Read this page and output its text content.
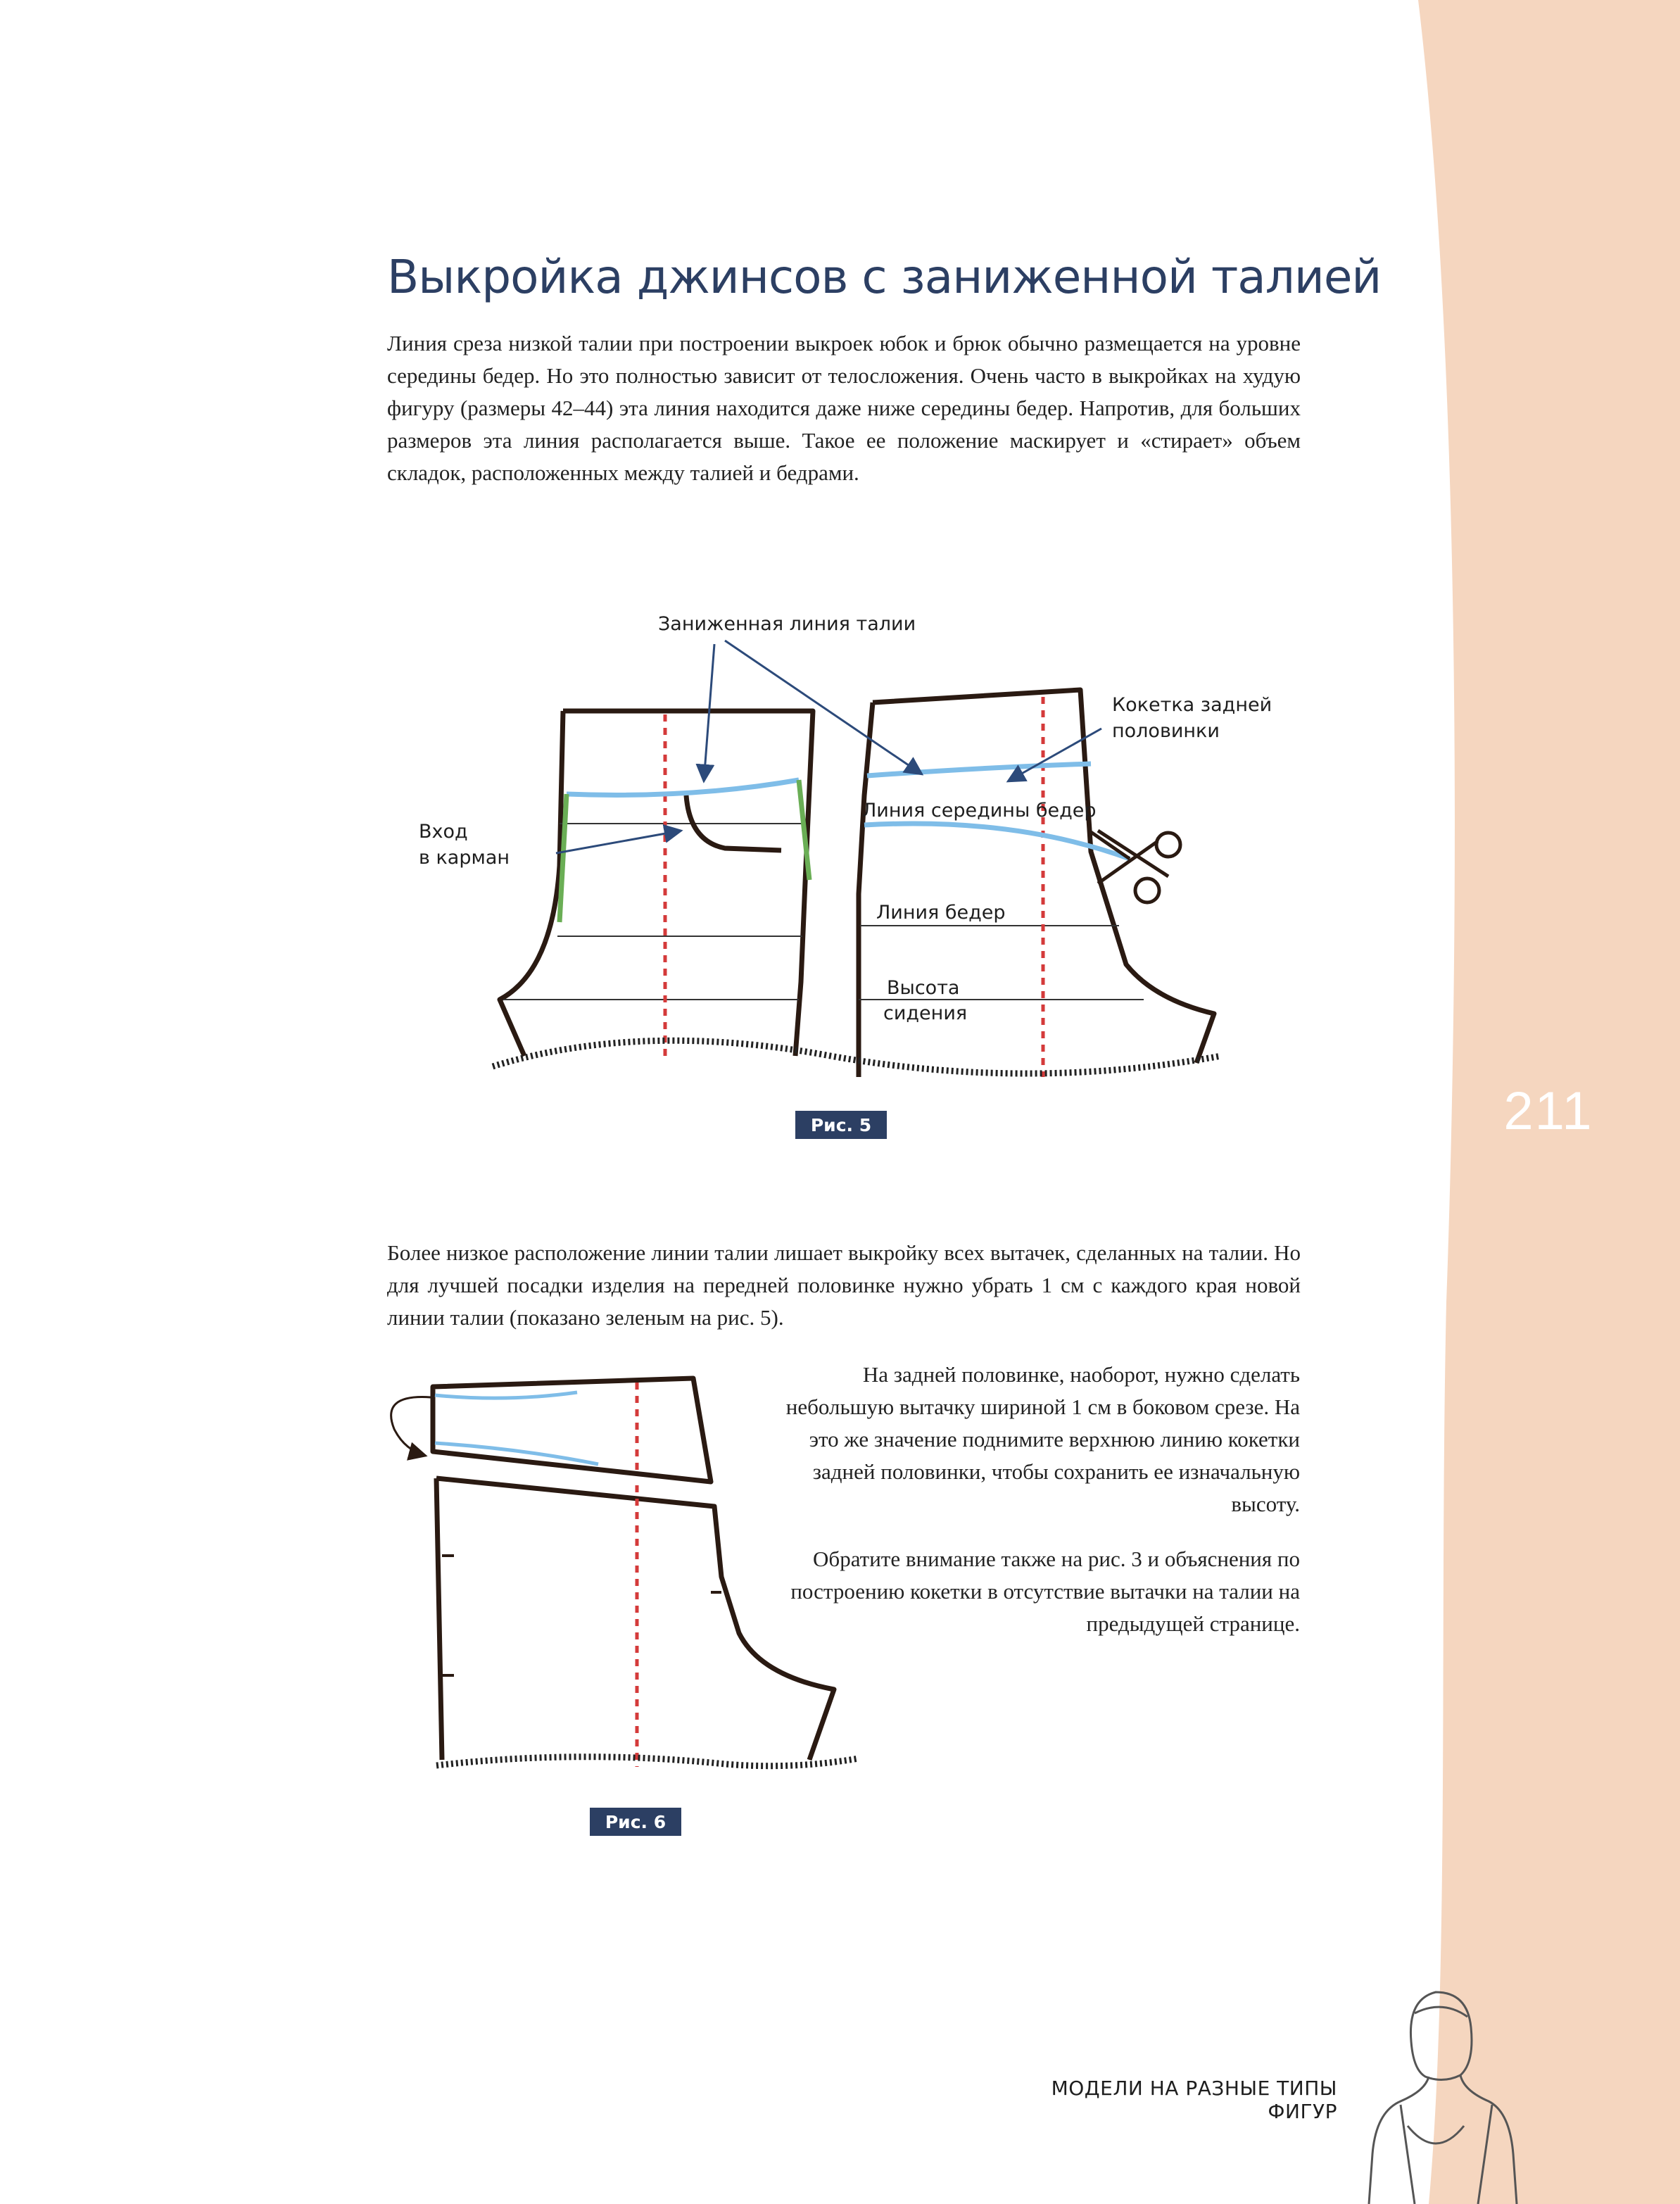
211
Выкройка джинсов с заниженной талией

Линия среза низкой талии при построении выкроек юбок и брюк обычно размещается на уровне середины бедер. Но это полностью зависит от телосложения. Очень часто в выкройках на худую фигуру (размеры 42–44) эта линия находится даже ниже середины бедер. Напротив, для больших размеров эта линия располагается выше. Такое ее положение маскирует и «стирает» объем складок, расположенных между талией и бедрами.

Заниженная линия талии
Кокетка задней
половинки
Вход
в карман
Линия середины бедер
Линия бедер
Высота
сидения
Рис. 5

Более низкое расположение линии талии лишает выкройку всех вытачек, сделанных на талии. Но для лучшей посадки изделия на передней половинке нужно убрать 1 см с каждого края новой линии талии (показано зеленым на рис. 5).

На задней половинке, наоборот, нужно сделать небольшую вытачку шириной 1 см в боковом срезе. На это же значение поднимите верхнюю линию кокетки задней половинки, чтобы сохранить ее изначальную высоту.

Обратите внимание также на рис. 3 и объяснения по построению кокетки в отсутствие вытачки на талии на предыдущей странице.

Рис. 6
МОДЕЛИ НА РАЗНЫЕ ТИПЫ ФИГУР
